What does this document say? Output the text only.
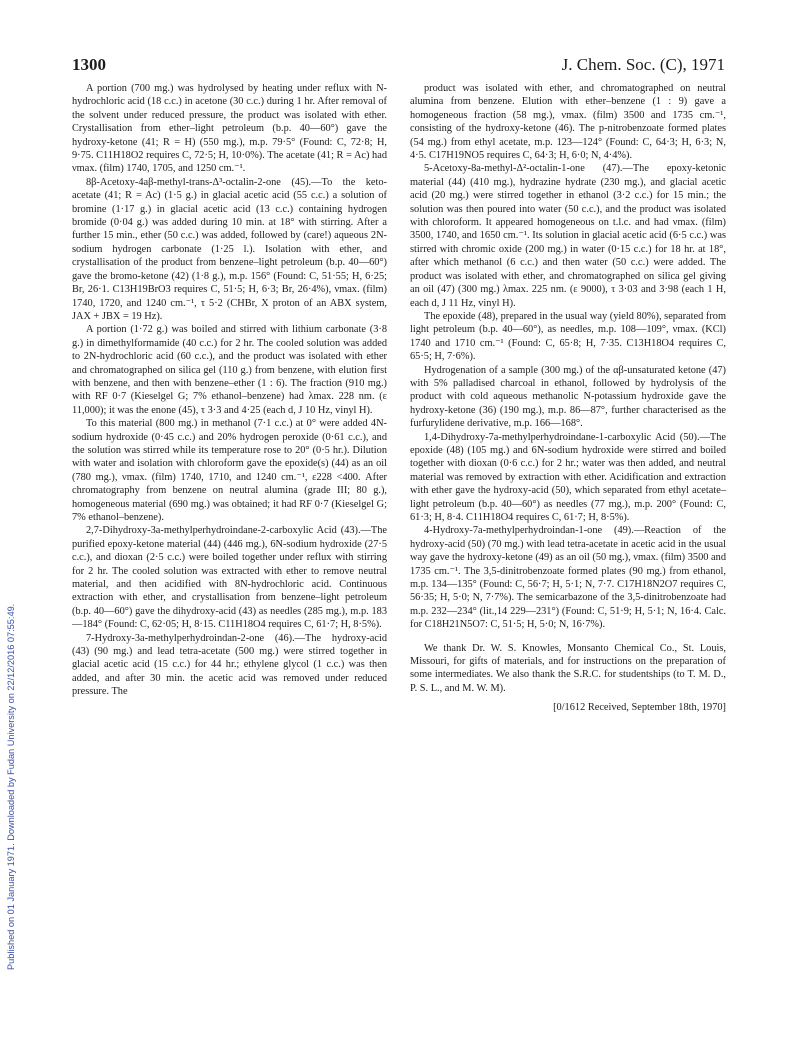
1300	J. Chem. Soc. (C), 1971
Published on 01 January 1971. Downloaded by Fudan University on 22/12/2016 07:55:49.

A portion (700 mg.) was hydrolysed by heating under reflux with N-hydrochloric acid (18 c.c.) in acetone (30 c.c.) during 1 hr. After removal of the solvent under reduced pressure, the product was isolated with ether. Crystallisation from ether–light petroleum (b.p. 40—60°) gave the hydroxy-ketone (41; R = H) (550 mg.), m.p. 79·5° (Found: C, 72·8; H, 9·75. C11H18O2 requires C, 72·5; H, 10·0%). The acetate (41; R = Ac) had νmax. (film) 1740, 1705, and 1250 cm.⁻¹.

8β-Acetoxy-4aβ-methyl-trans-Δ³-octalin-2-one (45).—To the keto-acetate (41; R = Ac) (1·5 g.) in glacial acetic acid (55 c.c.) a solution of bromine (1·17 g.) in glacial acetic acid (13 c.c.) containing hydrogen bromide (0·04 g.) was added during 10 min. at 18° with stirring. After a further 15 min., ether (50 c.c.) was added, followed by (care!) aqueous 2N-sodium hydrogen carbonate (1·25 l.). Isolation with ether, and crystallisation of the product from benzene–light petroleum (b.p. 40—60°) gave the bromo-ketone (42) (1·8 g.), m.p. 156° (Found: C, 51·55; H, 6·25; Br, 26·1. C13H19BrO3 requires C, 51·5; H, 6·3; Br, 26·4%), νmax. (film) 1740, 1720, and 1240 cm.⁻¹, τ 5·2 (CHBr, X proton of an ABX system, JAX + JBX = 19 Hz).

A portion (1·72 g.) was boiled and stirred with lithium carbonate (3·8 g.) in dimethylformamide (40 c.c.) for 2 hr. The cooled solution was added to 2N-hydrochloric acid (60 c.c.), and the product was isolated with ether and chromatographed on silica gel (110 g.) from benzene, with elution first with benzene, and then with benzene–ether (1 : 6). The fraction (910 mg.) with RF 0·7 (Kieselgel G; 7% ethanol–benzene) had λmax. 228 nm. (ε 11,000); it was the enone (45), τ 3·3 and 4·25 (each d, J 10 Hz, vinyl H).

To this material (800 mg.) in methanol (7·1 c.c.) at 0° were added 4N-sodium hydroxide (0·45 c.c.) and 20% hydrogen peroxide (0·61 c.c.), and the solution was stirred while its temperature rose to 20° (0·5 hr.). Dilution with water and isolation with chloroform gave the epoxide(s) (44) as an oil (780 mg.), νmax. (film) 1740, 1710, and 1240 cm.⁻¹, ε228 <400. After chromatography from benzene on neutral alumina (grade III; 80 g.), homogeneous material (690 mg.) was obtained; it had RF 0·7 (Kieselgel G; 7% ethanol–benzene).

2,7-Dihydroxy-3a-methylperhydroindane-2-carboxylic Acid (43).—The purified epoxy-ketone material (44) (446 mg.), 6N-sodium hydroxide (27·5 c.c.), and dioxan (2·5 c.c.) were boiled together under reflux with stirring for 2 hr. The cooled solution was extracted with ether to remove neutral material, and then acidified with 8N-hydrochloric acid. Continuous extraction with ether, and crystallisation from benzene–light petroleum (b.p. 40—60°) gave the dihydroxy-acid (43) as needles (285 mg.), m.p. 183—184° (Found: C, 62·05; H, 8·15. C11H18O4 requires C, 61·7; H, 8·5%).

7-Hydroxy-3a-methylperhydroindan-2-one (46).—The hydroxy-acid (43) (90 mg.) and lead tetra-acetate (500 mg.) were stirred together in glacial acetic acid (15 c.c.) for 44 hr.; ethylene glycol (1 c.c.) was then added, and after 30 min. the acetic acid was removed under reduced pressure. The

product was isolated with ether, and chromatographed on neutral alumina from benzene. Elution with ether–benzene (1 : 9) gave a homogeneous fraction (58 mg.), νmax. (film) 3500 and 1735 cm.⁻¹, consisting of the hydroxy-ketone (46). The p-nitrobenzoate formed plates (54 mg.) from ethyl acetate, m.p. 123—124° (Found: C, 64·3; H, 6·3; N, 4·5. C17H19NO5 requires C, 64·3; H, 6·0; N, 4·4%).

5-Acetoxy-8a-methyl-Δ²-octalin-1-one (47).—The epoxy-ketonic material (44) (410 mg.), hydrazine hydrate (230 mg.), and glacial acetic acid (20 mg.) were stirred together in ethanol (3·2 c.c.) for 15 min.; the solution was then poured into water (50 c.c.), and the product was isolated with chloroform. It appeared homogeneous on t.l.c. and had νmax. (film) 3500, 1740, and 1650 cm.⁻¹. Its solution in glacial acetic acid (6·5 c.c.) was stirred with chromic oxide (200 mg.) in water (0·15 c.c.) for 18 hr. at 18°, after which methanol (6 c.c.) and then water (50 c.c.) were added. The product was isolated with ether, and chromatographed on silica gel giving an oil (47) (300 mg.) λmax. 225 nm. (ε 9000), τ 3·03 and 3·98 (each 1 H, each d, J 11 Hz, vinyl H).

The epoxide (48), prepared in the usual way (yield 80%), separated from light petroleum (b.p. 40—60°), as needles, m.p. 108—109°, νmax. (KCl) 1740 and 1710 cm.⁻¹ (Found: C, 65·8; H, 7·35. C13H18O4 requires C, 65·5; H, 7·6%).

Hydrogenation of a sample (300 mg.) of the αβ-unsaturated ketone (47) with 5% palladised charcoal in ethanol, followed by hydrolysis of the product with cold aqueous methanolic N-potassium hydroxide gave the hydroxy-ketone (36) (190 mg.), m.p. 86—87°, further characterised as the furfurylidene derivative, m.p. 166—168°.

1,4-Dihydroxy-7a-methylperhydroindane-1-carboxylic Acid (50).—The epoxide (48) (105 mg.) and 6N-sodium hydroxide were stirred and boiled together with dioxan (0·6 c.c.) for 2 hr.; water was then added, and neutral material was removed by extraction with ether. Acidification and extraction with ether gave the hydroxy-acid (50), which separated from ethyl acetate–light petroleum (b.p. 40—60°) as needles (77 mg.), m.p. 200° (Found: C, 61·3; H, 8·4. C11H18O4 requires C, 61·7; H, 8·5%).

4-Hydroxy-7a-methylperhydroindan-1-one (49).—Reaction of the hydroxy-acid (50) (70 mg.) with lead tetra-acetate in acetic acid in the usual way gave the hydroxy-ketone (49) as an oil (50 mg.), νmax. (film) 3500 and 1735 cm.⁻¹. The 3,5-dinitrobenzoate formed plates (90 mg.) from ethanol, m.p. 134—135° (Found: C, 56·7; H, 5·1; N, 7·7. C17H18N2O7 requires C, 56·35; H, 5·0; N, 7·7%). The semicarbazone of the 3,5-dinitrobenzoate had m.p. 232—234° (lit.,14 229—231°) (Found: C, 51·9; H, 5·1; N, 16·4. Calc. for C18H21N5O7: C, 51·5; H, 5·0; N, 16·7%).

We thank Dr. W. S. Knowles, Monsanto Chemical Co., St. Louis, Missouri, for gifts of materials, and for instructions on the preparation of some intermediates. We also thank the S.R.C. for studentships (to T. M. D., P. S. L., and M. W. M).

[0/1612 Received, September 18th, 1970]
